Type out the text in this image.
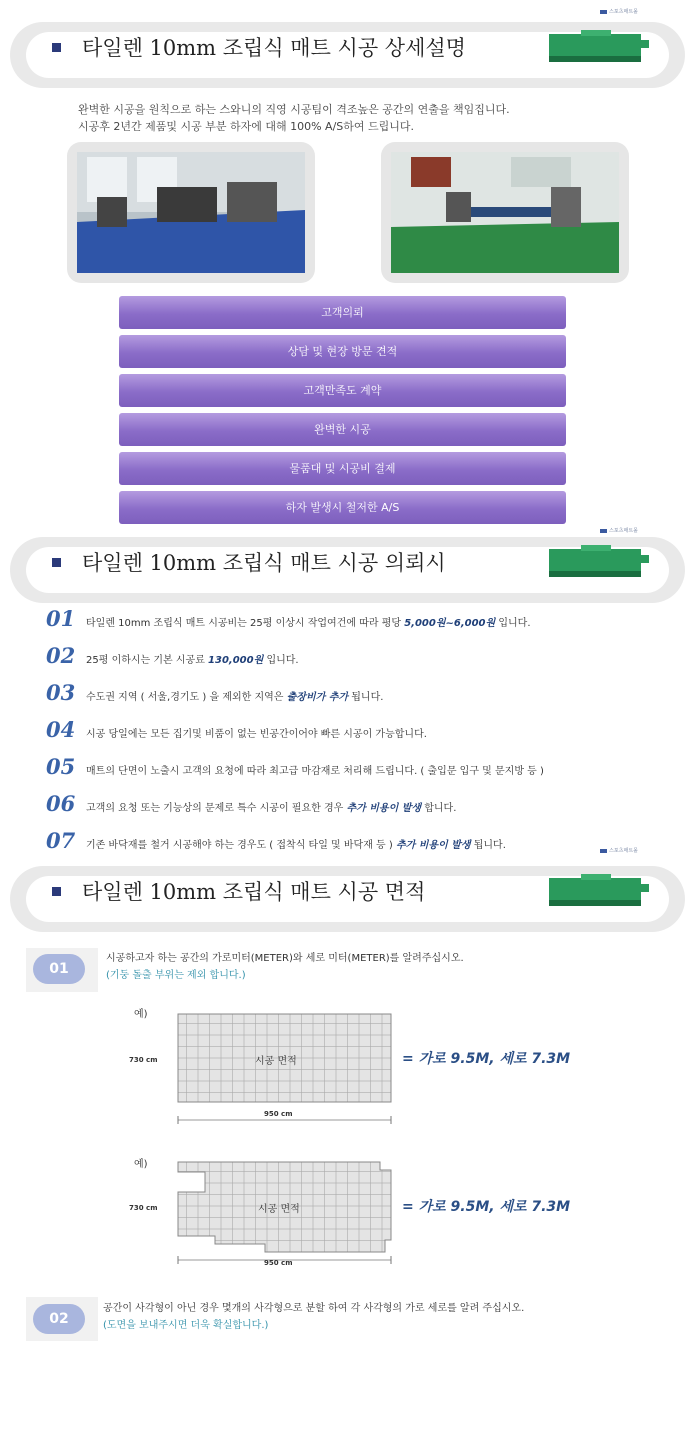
스포츠매트몰
타일렌 10mm 조립식 매트 시공 상세설명
완벽한 시공을 원칙으로 하는 스와니의 직영 시공팀이 격조높은 공간의 연출을 책임집니다.
시공후 2년간 제품및 시공 부분 하자에 대해 100% A/S하여 드립니다.
고객의뢰
상담 및 현장 방문 견적
고객만족도 계약
완벽한 시공
물품대 및 시공비 결제
하자 발생시 철저한 A/S
스포츠매트몰
타일렌 10mm 조립식 매트 시공 의뢰시
01 타일렌 10mm 조립식 매트 시공비는 25평 이상시 작업여건에 따라 평당 5,000원~6,000원 입니다.
02 25평 이하시는 기본 시공료 130,000원 입니다.
03 수도권 지역 ( 서울,경기도 ) 을 제외한 지역은 출장비가 추가 됩니다.
04 시공 당일에는 모든 집기및 비품이 없는 빈공간이어야 빠른 시공이 가능합니다.
05 매트의 단면이 노출시 고객의 요청에 따라 최고급 마감재로 처리해 드립니다. ( 출입문 입구 및 문지방 등 )
06 고객의 요청 또는 기능상의 문제로 특수 시공이 필요한 경우 추가 비용이 발생 합니다.
07 기존 바닥재를 철거 시공해야 하는 경우도 ( 접착식 타일 및 바닥재 등 ) 추가 비용이 발생 됩니다.	스포츠매트몰
타일렌 10mm 조립식 매트 시공 면적
01
시공하고자 하는 공간의 가로미터(METER)와 세로 미터(METER)를 알려주십시오.
(기둥 돌출 부위는 제외 합니다.)
예)
730 cm	시공 면적
950 cm
= 가로 9.5M, 세로 7.3M
예)
730 cm	시공 면적
950 cm
= 가로 9.5M, 세로 7.3M
02
공간이 사각형이 아닌 경우 몇개의 사각형으로 분할 하여 각 사각형의 가로 세로를 알려 주십시오.
(도면을 보내주시면 더욱 확실합니다.)
